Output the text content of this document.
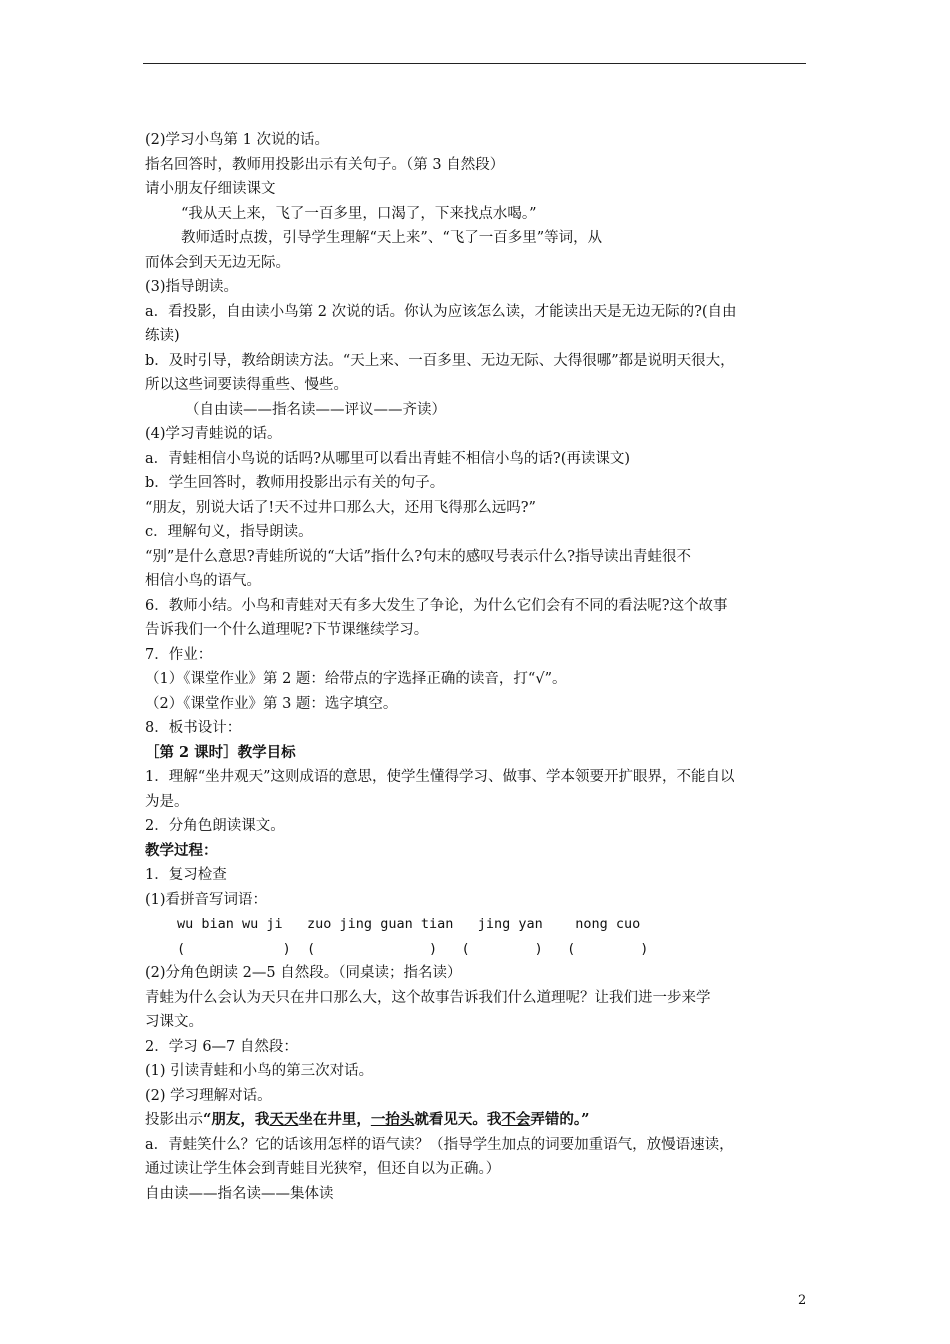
(2)学习小鸟第 1 次说的话。
指名回答时，教师用投影出示有关句子。（第 3 自然段）
请小朋友仔细读课文
“我从天上来，飞了一百多里，口渴了，下来找点水喝。”
教师适时点拨，引导学生理解“天上来”、“飞了一百多里”等词，从
而体会到天无边无际。
(3)指导朗读。
a．看投影，自由读小鸟第 2 次说的话。你认为应该怎么读，才能读出天是无边无际的?(自由
练读)
b．及时引导，教给朗读方法。“天上来、一百多里、无边无际、大得很哪”都是说明天很大，
所以这些词要读得重些、慢些。
（自由读——指名读——评议——齐读）
(4)学习青蛙说的话。
a．青蛙相信小鸟说的话吗?从哪里可以看出青蛙不相信小鸟的话?(再读课文)
b．学生回答时，教师用投影出示有关的句子。
“朋友，别说大话了!天不过井口那么大，还用飞得那么远吗?”
c．理解句义，指导朗读。
“别”是什么意思?青蛙所说的“大话”指什么?句末的感叹号表示什么?指导读出青蛙很不
相信小鸟的语气。
6．教师小结。小鸟和青蛙对天有多大发生了争论，为什么它们会有不同的看法呢?这个故事
告诉我们一个什么道理呢?下节课继续学习。
7．作业：
（1）《课堂作业》第 2 题：给带点的字选择正确的读音，打“√”。
（2）《课堂作业》第 3 题：选字填空。
8．板书设计：
［第 2 课时］教学目标
1．理解“坐井观天”这则成语的意思，使学生懂得学习、做事、学本领要开扩眼界，不能自以
为是。
2．分角色朗读课文。
教学过程：
1．复习检查
(1)看拼音写词语：
wu bian wu ji   zuo jing guan tian   jing yan    nong cuo
(            )  (              )   (        )   (        )
(2)分角色朗读 2—5 自然段。（同桌读；指名读）
青蛙为什么会认为天只在井口那么大，这个故事告诉我们什么道理呢？让我们进一步来学
习课文。
2．学习 6—7 自然段：
(1) 引读青蛙和小鸟的第三次对话。
(2) 学习理解对话。
投影出示“朋友，我天天坐在井里，一抬头就看见天。我不会弄错的。”
a．青蛙笑什么？它的话该用怎样的语气读？（指导学生加点的词要加重语气，放慢语速读，
通过读让学生体会到青蛙目光狭窄，但还自以为正确。）
自由读——指名读——集体读
2
